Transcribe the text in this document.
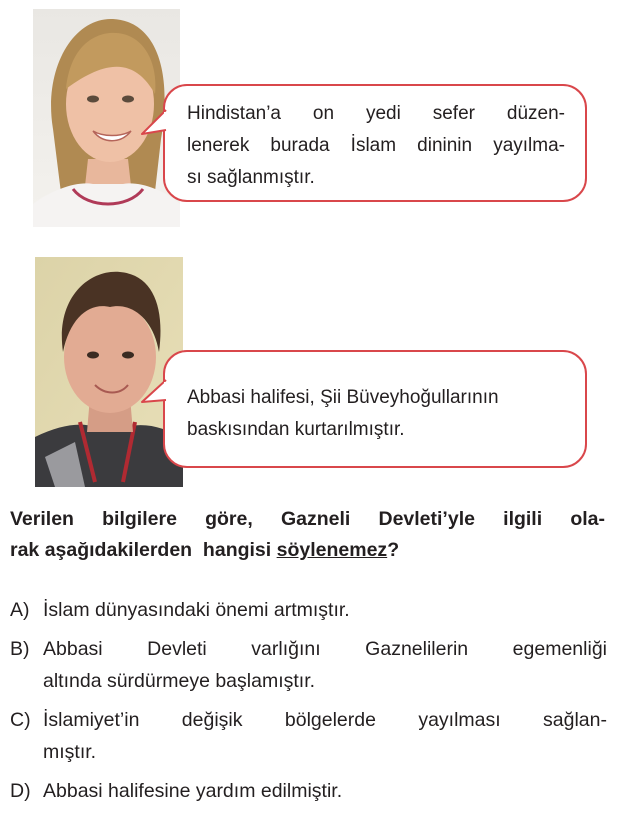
Hindistan’a on yedi sefer düzen-
lenerek burada İslam dininin yayılma-
sı sağlanmıştır.
Abbasi halifesi, Şii Büveyhoğullarının
baskısından kurtarılmıştır.
Verilen bilgilere göre, Gazneli Devleti’yle ilgili ola-
rak aşağıdakilerden  hangisi söylenemez?
A) İslam dünyasındaki önemi artmıştır.
B) Abbasi Devleti varlığını Gaznelilerin egemenliği
altında sürdürmeye başlamıştır.
C) İslamiyet’in değişik bölgelerde yayılması sağlan-
mıştır.
D) Abbasi halifesine yardım edilmiştir.
